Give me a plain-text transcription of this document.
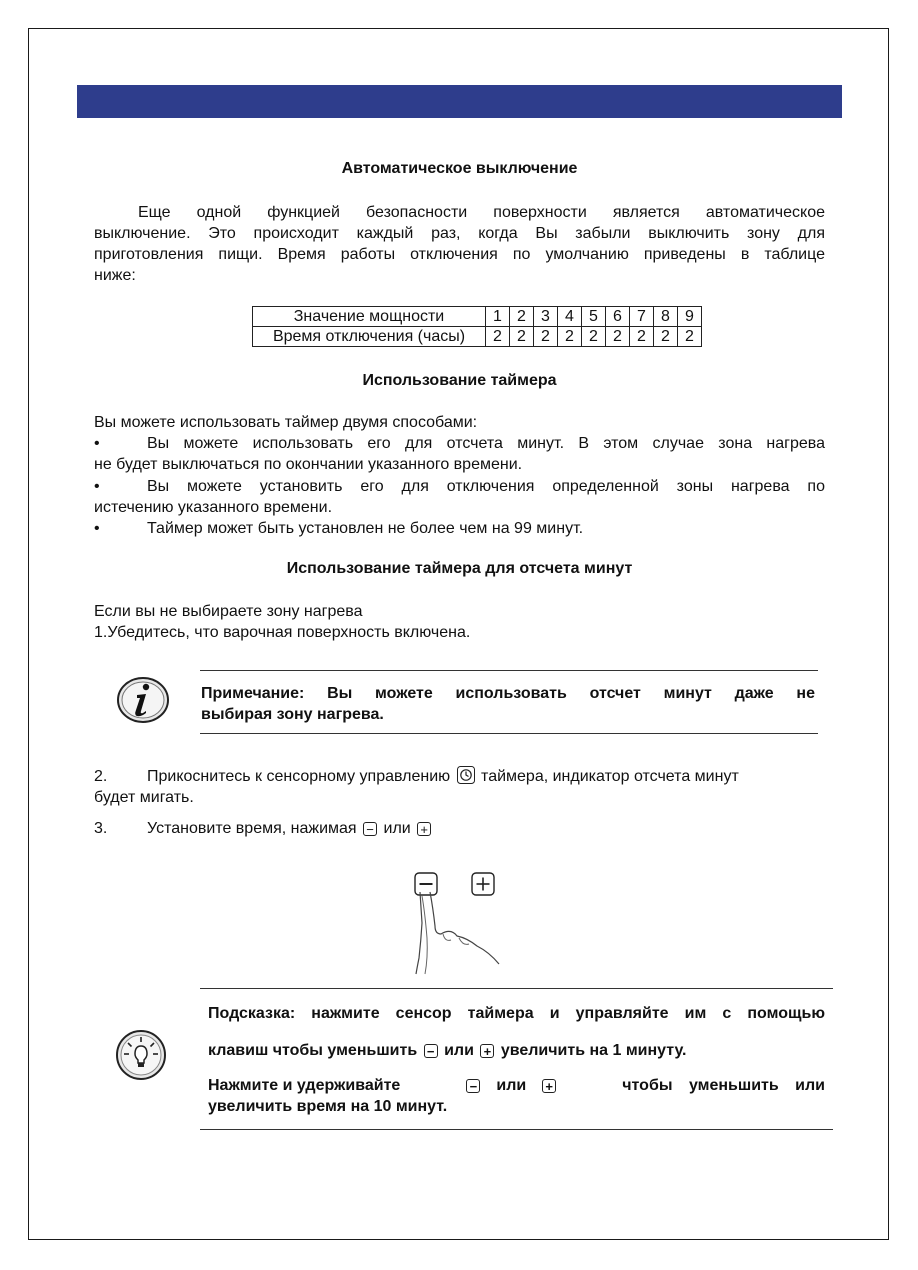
Автоматическое выключение
Еще одной функцией безопасности поверхности является автоматическое
выключение. Это происходит каждый раз, когда Вы забыли выключить зону для
приготовления пищи. Время работы отключения по умолчанию приведены в таблице
ниже:
Значение мощности	1	2	3	4	5	6	7	8	9
Время отключения (часы)	2	2	2	2	2	2	2	2	2
Использование таймера
Вы можете использовать таймер двумя способами:
•	Вы можете использовать его для отсчета минут. В этом случае зона нагрева
не будет выключаться по окончании указанного времени.
•	Вы можете установить его для отключения определенной зоны нагрева по
истечению указанного времени.
•	Таймер может быть установлен не более чем на 99 минут.
Использование таймера для отсчета минут
Если вы не выбираете зону нагрева
1.Убедитесь, что варочная поверхность включена.
Примечание: Вы можете использовать отсчет минут даже не
выбирая зону нагрева.
2. Прикоснитесь к сенсорному управлению таймера, индикатор отсчета минут
будет мигать.
3. Установите время, нажимая − или +
Подсказка: нажмите сенсор таймера и управляйте им с помощью
клавиш чтобы уменьшить − или + увеличить на 1 минуту.
Нажмите и удерживайте	− или +	чтобы уменьшить или
увеличить время на 10 минут.
